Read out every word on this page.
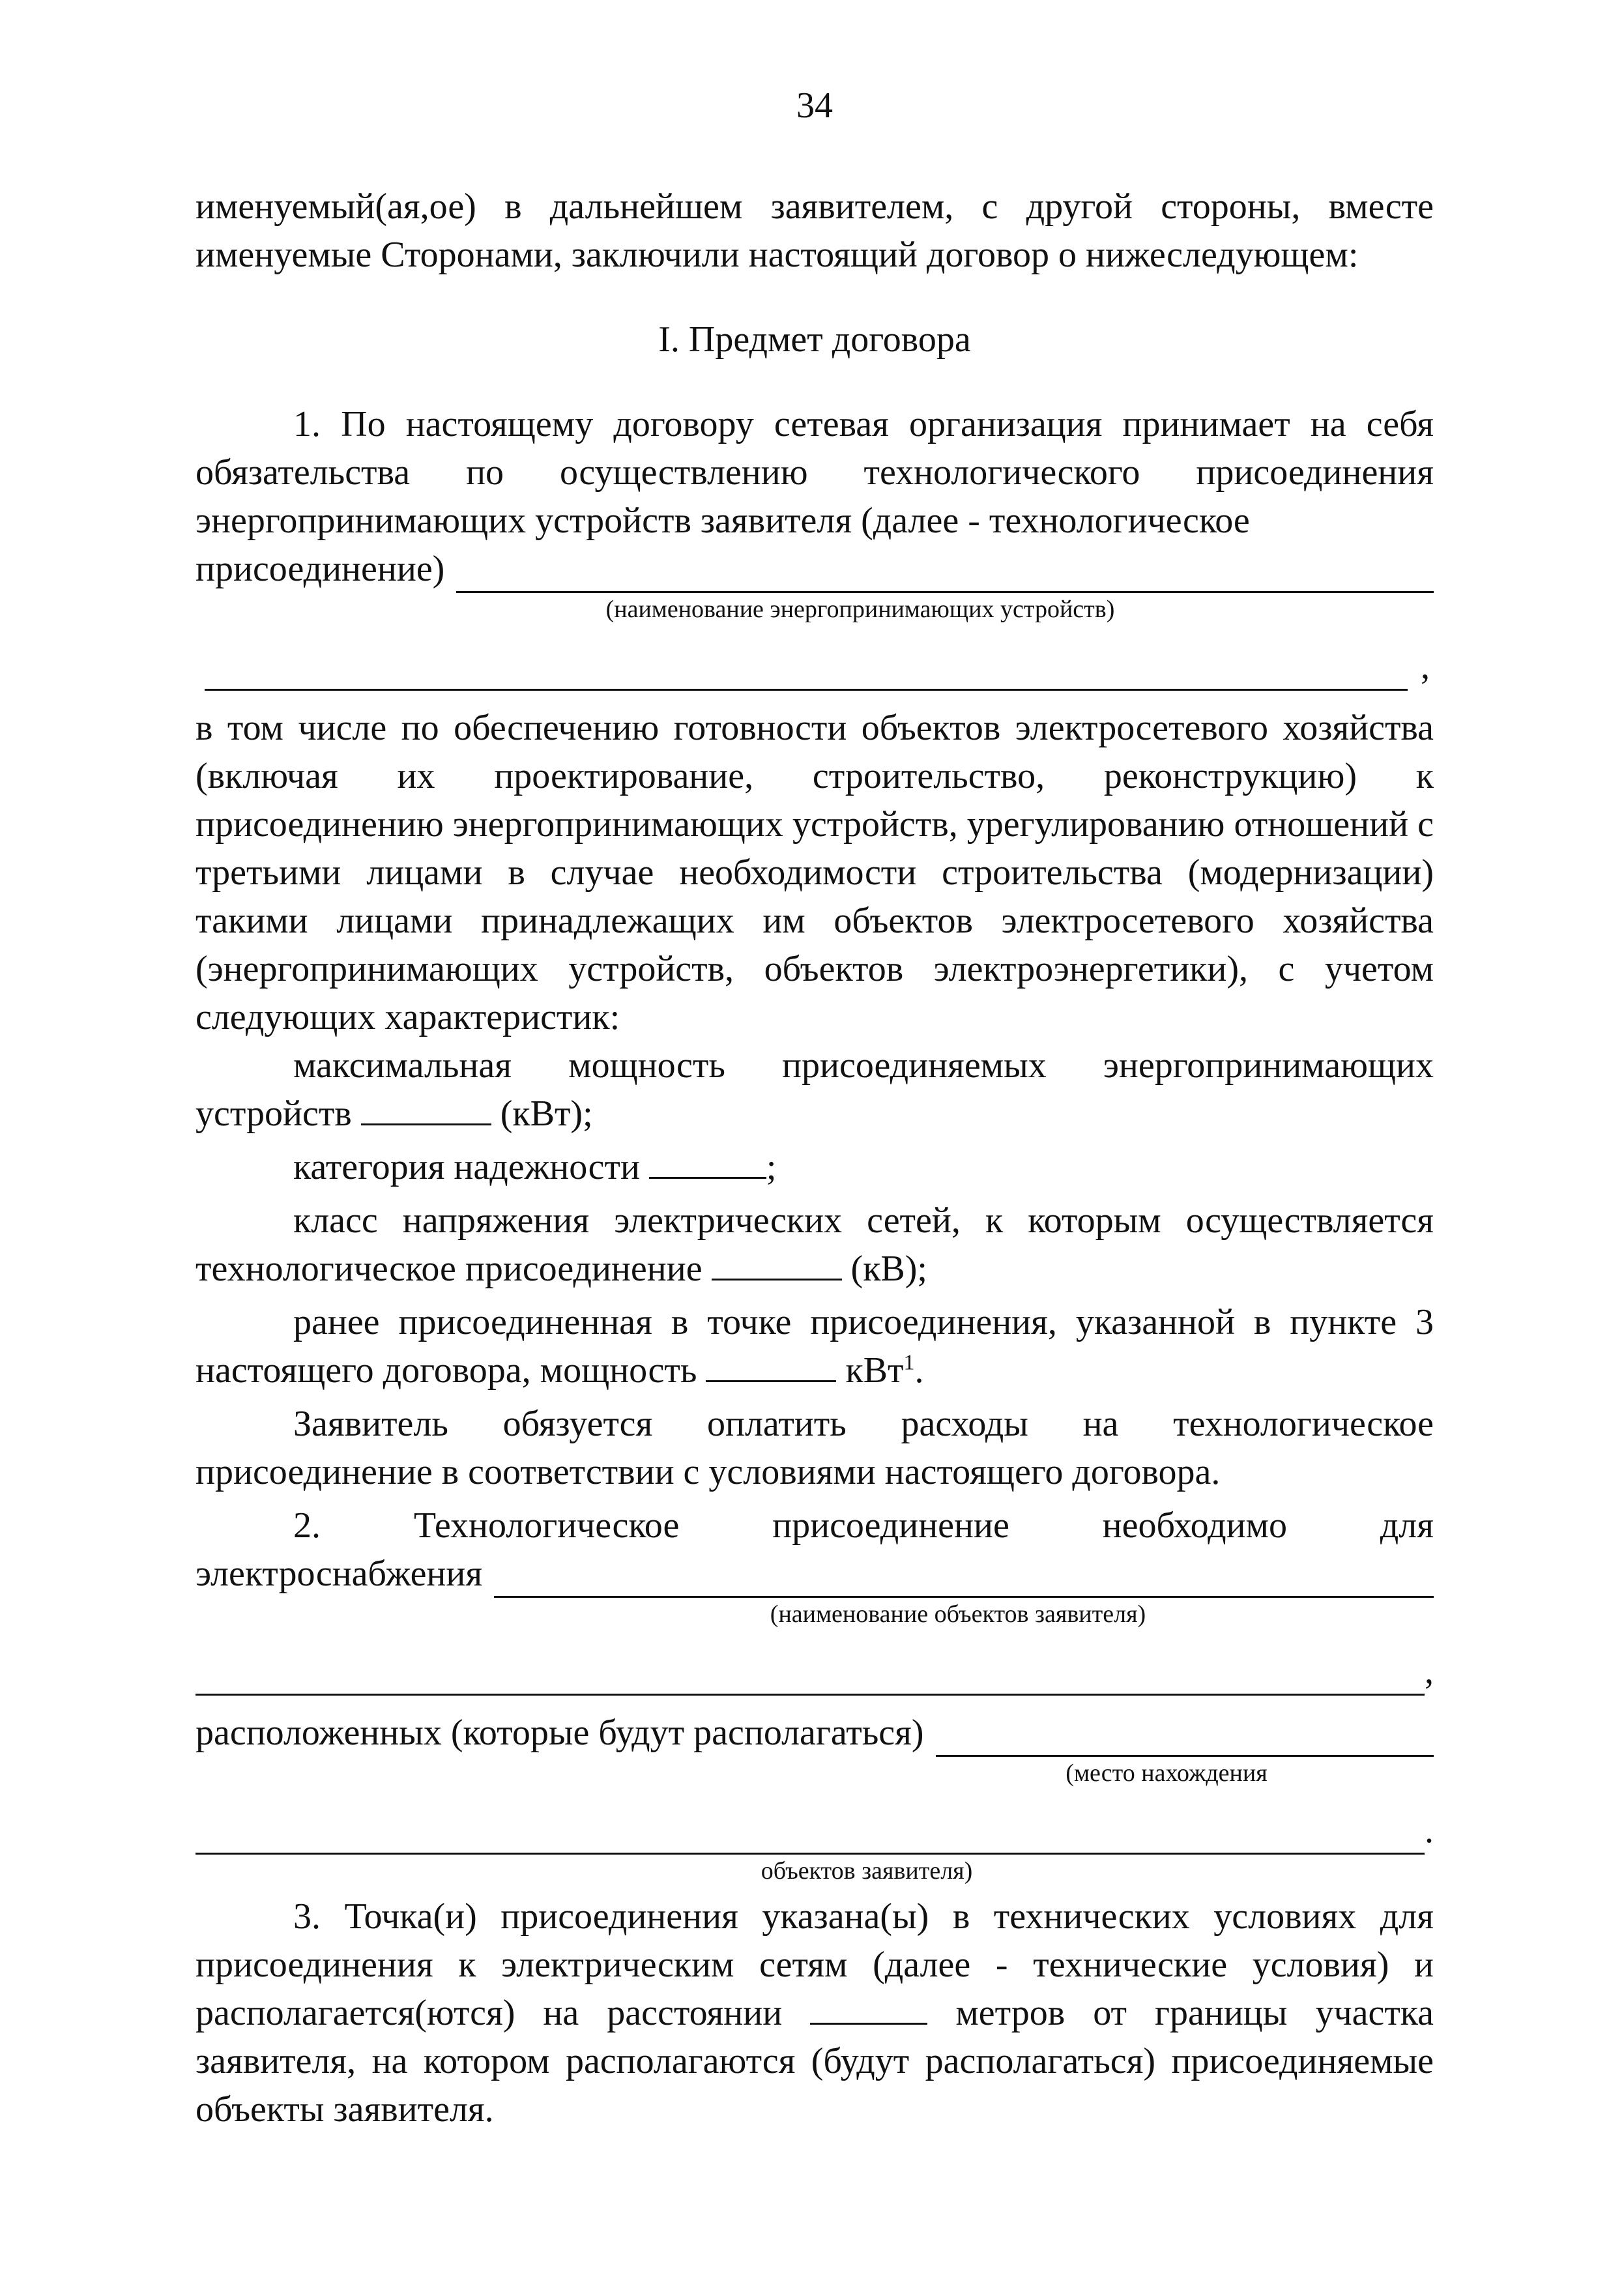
34

именуемый(ая,ое) в дальнейшем заявителем, с другой стороны, вместе именуемые Сторонами, заключили настоящий договор о нижеследующем:

I. Предмет договора

1. По настоящему договору сетевая организация принимает на себя обязательства по осуществлению технологического присоединения энергопринимающих устройств заявителя (далее - технологическое

присоединение)
(наименование энергопринимающих устройств)
,

в том числе по обеспечению готовности объектов электросетевого хозяйства (включая их проектирование, строительство, реконструкцию) к присоединению энергопринимающих устройств, урегулированию отношений с третьими лицами в случае необходимости строительства (модернизации) такими лицами принадлежащих им объектов электросетевого хозяйства (энергопринимающих устройств, объектов электроэнергетики), с учетом следующих характеристик:

максимальная мощность присоединяемых энергопринимающих устройств	(кВт);

категория надежности	;

класс напряжения электрических сетей, к которым осуществляется технологическое присоединение	(кВ);

ранее присоединенная в точке присоединения, указанной в пункте 3 настоящего договора, мощность	кВт$^1$.

Заявитель обязуется оплатить расходы на технологическое присоединение в соответствии с условиями настоящего договора.

2. Технологическое присоединение необходимо для

электроснабжения
(наименование объектов заявителя)
,
расположенных (которые будут располагаться)
(место нахождения
.
объектов заявителя)

3. Точка(и) присоединения указана(ы) в технических условиях для присоединения к электрическим сетям (далее - технические условия) и располагается(ются) на расстоянии	метров от границы участка заявителя, на котором располагаются (будут располагаться) присоединяемые объекты заявителя.
